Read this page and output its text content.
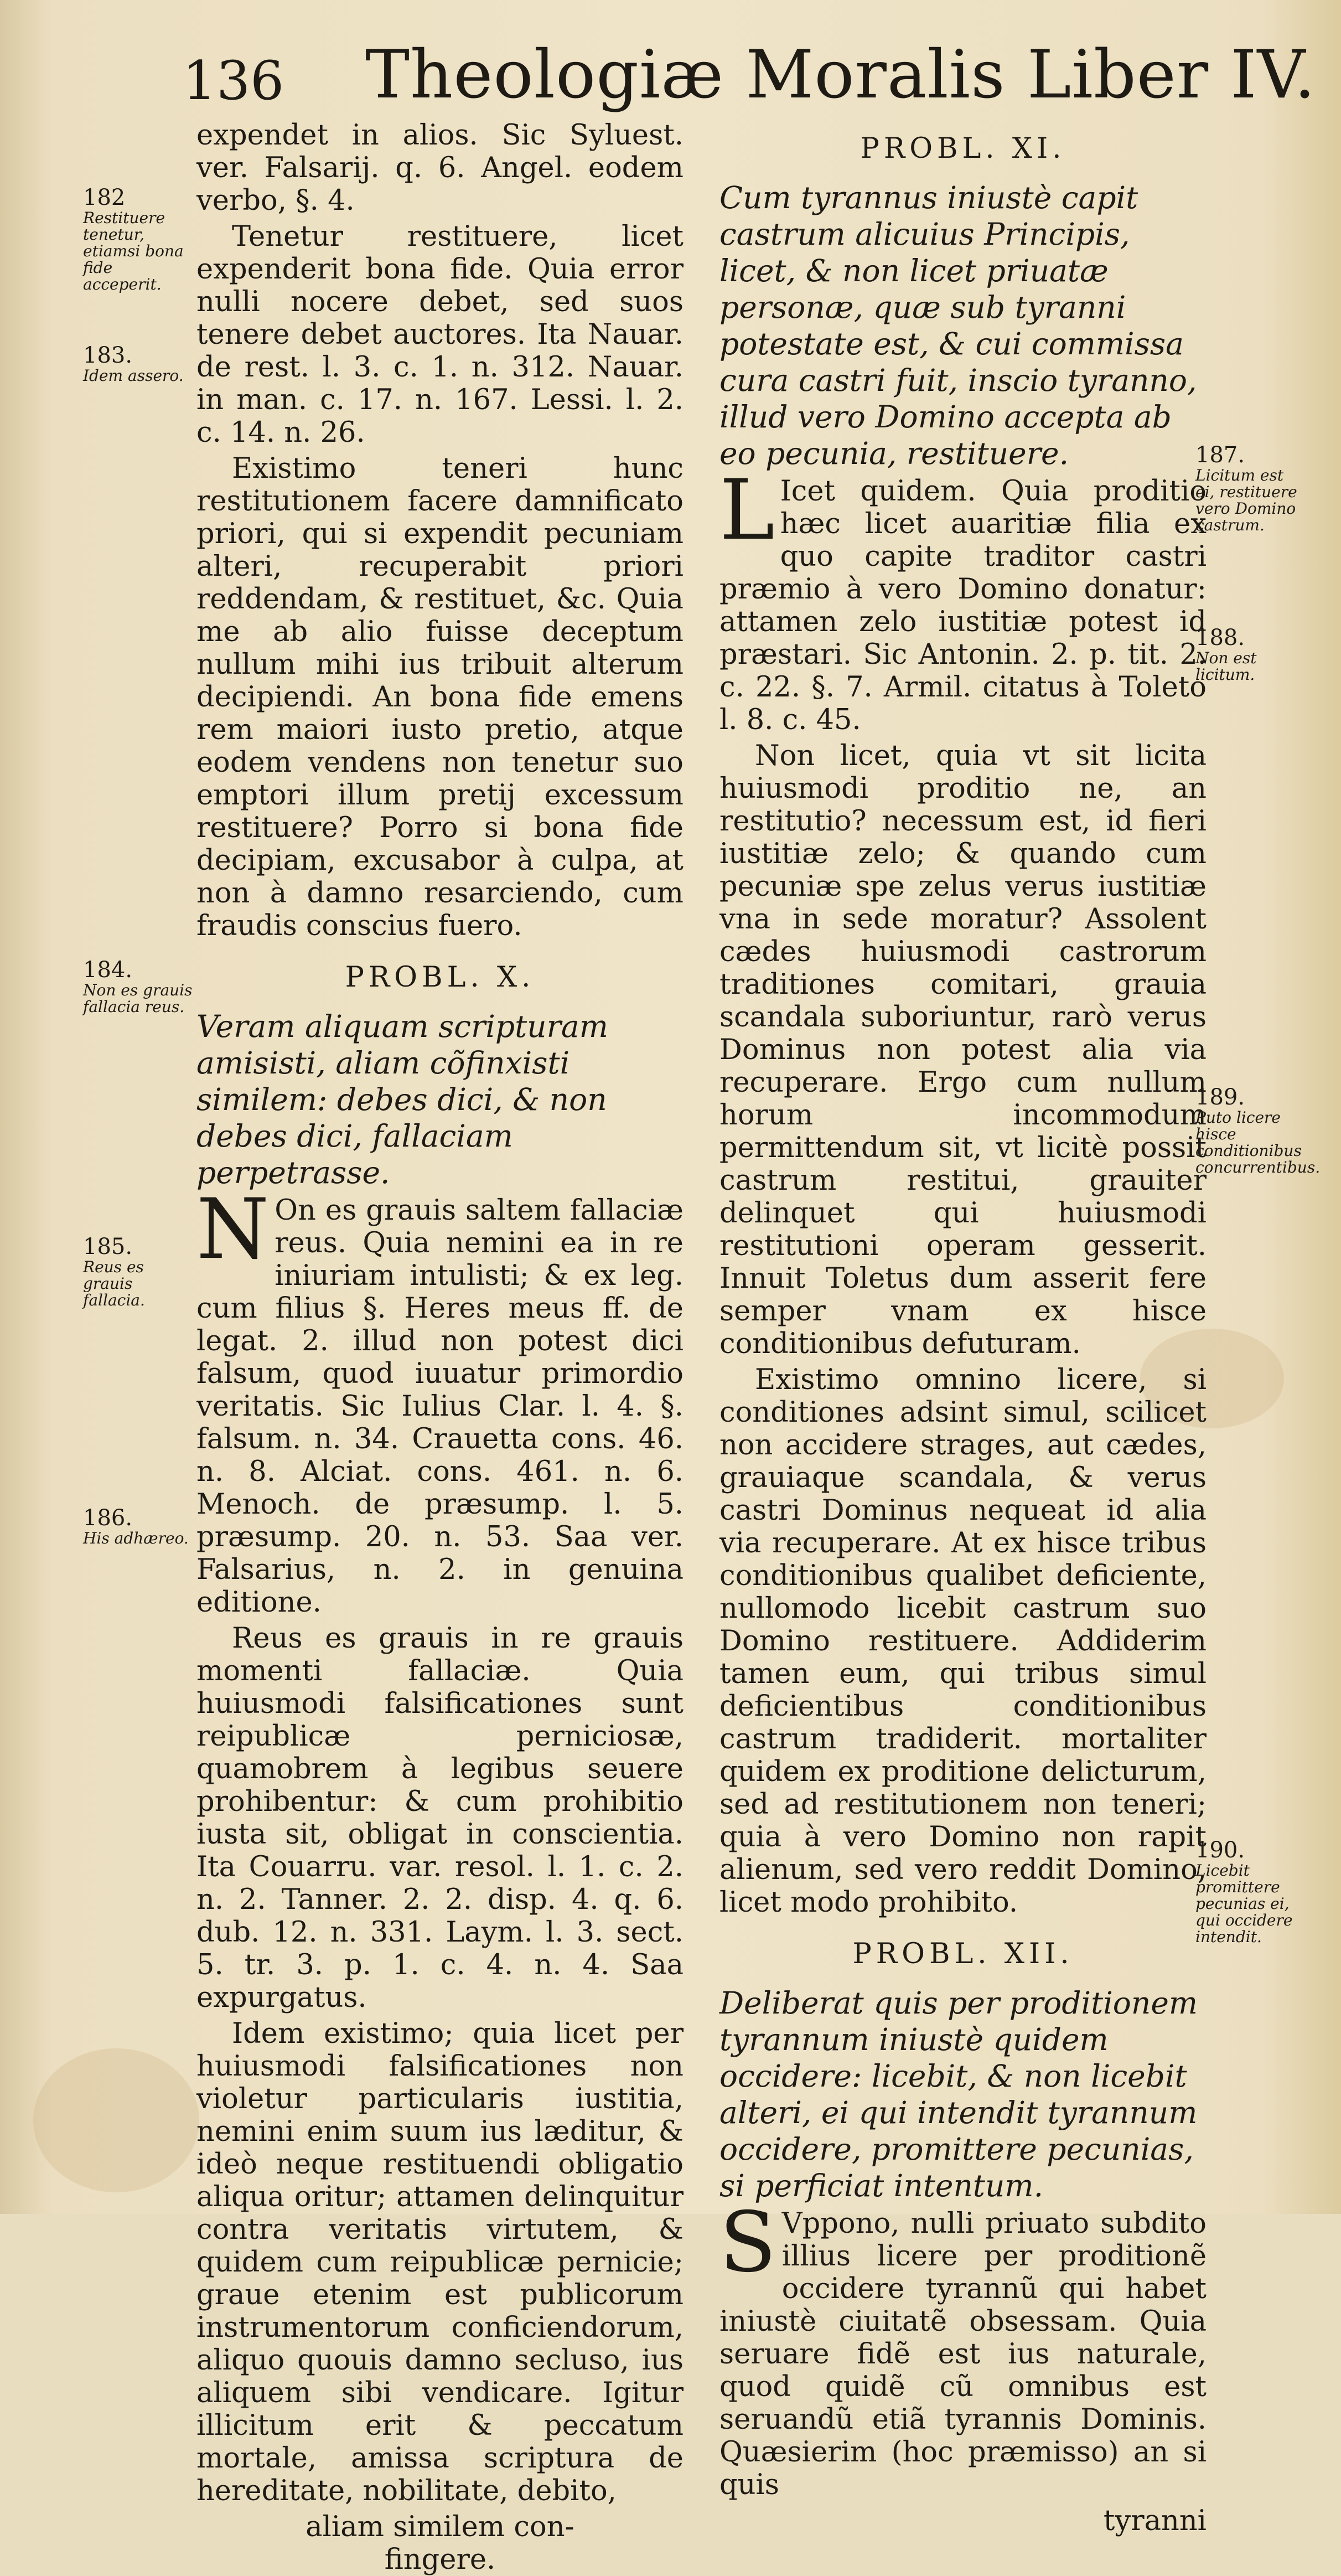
136 Theologiæ Moralis Liber IV.

expendet in alios. Sic Syluest. ver. Falsarij. q. 6. Angel. eodem verbo, §. 4.

Tenetur restituere, licet expenderit bona fide. Quia error nulli nocere debet, sed suos tenere debet auctores. Ita Nauar. de rest. l. 3. c. 1. n. 312. Nauar. in man. c. 17. n. 167. Lessi. l. 2. c. 14. n. 26.

Existimo teneri hunc restitutionem facere damnificato priori, qui si expendit pecuniam alteri, recuperabit priori reddendam, & restituet, &c. Quia me ab alio fuisse deceptum nullum mihi ius tribuit alterum decipiendi. An bona fide emens rem maiori iusto pretio, atque eodem vendens non tenetur suo emptori illum pretij excessum restituere? Porro si bona fide decipiam, excusabor à culpa, at non à damno resarciendo, cum fraudis conscius fuero.

PROBL. X.

Veram aliquam scripturam amisisti, aliam cõfinxisti similem: debes dici, & non debes dici, fallaciam perpetrasse.

N On es grauis saltem fallaciæ reus. Quia nemini ea in re iniuriam intulisti; & ex leg. cum filius §. Heres meus ff. de legat. 2. illud non potest dici falsum, quod iuuatur primordio veritatis. Sic Iulius Clar. l. 4. §. falsum. n. 34. Crauetta cons. 46. n. 8. Alciat. cons. 461. n. 6. Menoch. de præsump. l. 5. præsump. 20. n. 53. Saa ver. Falsarius, n. 2. in genuina editione.

Reus es grauis in re grauis momenti fallaciæ. Quia huiusmodi falsificationes sunt reipublicæ perniciosæ, quamobrem à legibus seuere prohibentur: & cum prohibitio iusta sit, obligat in conscientia. Ita Couarru. var. resol. l. 1. c. 2. n. 2. Tanner. 2. 2. disp. 4. q. 6. dub. 12. n. 331. Laym. l. 3. sect. 5. tr. 3. p. 1. c. 4. n. 4. Saa expurgatus.

Idem existimo; quia licet per huiusmodi falsificationes non violetur particularis iustitia, nemini enim suum ius læditur, & ideò neque restituendi obligatio aliqua oritur; attamen delinquitur contra veritatis virtutem, & quidem cum reipublicæ pernicie; graue etenim est publicorum instrumentorum conficiendorum, aliquo quouis damno secluso, ius aliquem sibi vendicare. Igitur illicitum erit & peccatum mortale, amissa scriptura de hereditate, nobilitate, debito,

aliam similem con-
fingere.
PROBL. XI.

Cum tyrannus iniustè capit castrum alicuius Principis, licet, & non licet priuatæ personæ, quæ sub tyranni potestate est, & cui commissa cura castri fuit, inscio tyranno, illud vero Domino accepta ab eo pecunia, restituere.

L Icet quidem. Quia proditio hæc licet auaritiæ filia ex quo capite traditor castri præmio à vero Domino donatur: attamen zelo iustitiæ potest id præstari. Sic Antonin. 2. p. tit. 2. c. 22. §. 7. Armil. citatus à Toleto l. 8. c. 45.

Non licet, quia vt sit licita huiusmodi proditio ne, an restitutio? necessum est, id fieri iustitiæ zelo; & quando cum pecuniæ spe zelus verus iustitiæ vna in sede moratur? Assolent cædes huiusmodi castrorum traditiones comitari, grauia scandala suboriuntur, rarò verus Dominus non potest alia via recuperare. Ergo cum nullum horum incommodum permittendum sit, vt licitè possit castrum restitui, grauiter delinquet qui huiusmodi restitutioni operam gesserit. Innuit Toletus dum asserit fere semper vnam ex hisce conditionibus defuturam.

Existimo omnino licere, si conditiones adsint simul, scilicet non accidere strages, aut cædes, grauiaque scandala, & verus castri Dominus nequeat id alia via recuperare. At ex hisce tribus conditionibus qualibet deficiente, nullomodo licebit castrum suo Domino restituere. Addiderim tamen eum, qui tribus simul deficientibus conditionibus castrum tradiderit. mortaliter quidem ex proditione delicturum, sed ad restitutionem non teneri; quia à vero Domino non rapit alienum, sed vero reddit Domino, licet modo prohibito.

PROBL. XII.

Deliberat quis per proditionem tyrannum iniustè quidem occidere: licebit, & non licebit alteri, ei qui intendit tyrannum occidere, promittere pecunias, si perficiat intentum.

S Vppono, nulli priuato subdito illius licere per proditionẽ occidere tyrannũ qui habet iniustè ciuitatẽ obsessam. Quia seruare fidẽ est ius naturale, quod quidẽ cũ omnibus est seruandũ etiã tyrannis Dominis. Quæsierim (hoc præmisso) an si quis

tyranni
182
Restituere tenetur, etiamsi bona fide acceperit.
183.
Idem assero.
184.
Non es grauis fallacia reus.
185.
Reus es grauis fallacia.
186.
His adhæreo.
187.
Licitum est ei, restituere vero Domino castrum.
188.
Non est licitum.
189.
Puto licere hisce conditionibus concurrentibus.
190.
Licebit promittere pecunias ei, qui occidere intendit.
